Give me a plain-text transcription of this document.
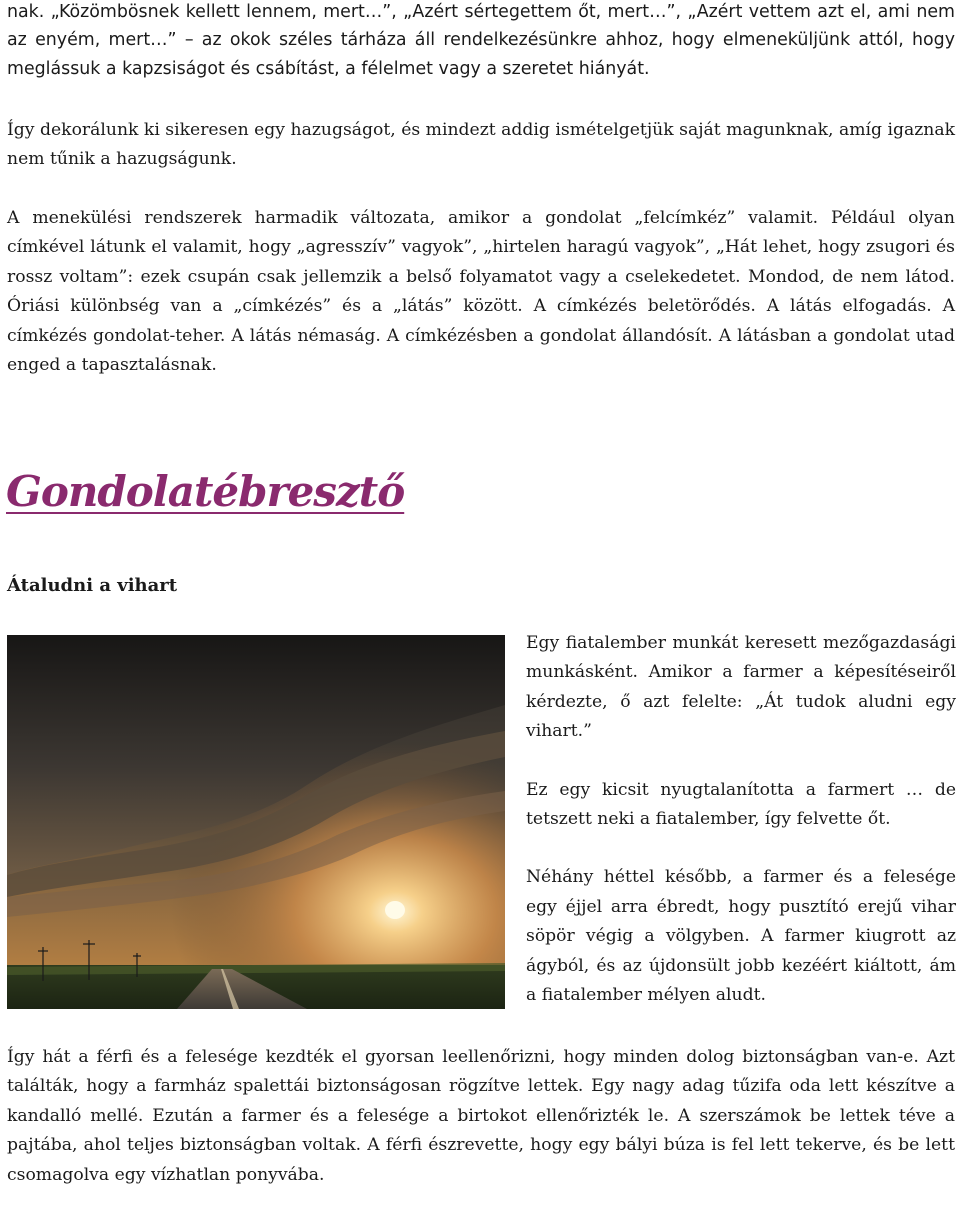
nak. „Közömbösnek kellett lennem, mert…”, „Azért sértegettem őt, mert…”, „Azért vettem azt el, ami nem az enyém, mert…” – az okok széles tárháza áll rendelkezésünkre ahhoz, hogy elmeneküljünk attól, hogy meglássuk a kapzsiságot és csábítást, a félelmet vagy a szeretet hiányát.

Így dekorálunk ki sikeresen egy hazugságot, és mindezt addig ismételgetjük saját magunknak, amíg igaznak nem tűnik a hazugságunk.

A menekülési rendszerek harmadik változata, amikor a gondolat „felcímkéz” valamit. Például olyan címkével látunk el valamit, hogy „agresszív” vagyok”, „hirtelen haragú vagyok”, „Hát lehet, hogy zsugori és rossz voltam”: ezek csupán csak jellemzik a belső folyamatot vagy a cselekedetet. Mondod, de nem látod. Óriási különbség van a „címkézés” és a „látás” között. A címkézés beletörődés. A látás elfogadás. A címkézés gondolat-teher. A látás némaság. A címkézésben a gondolat állandósít. A látásban a gondolat utad enged a tapasztalásnak.

Gondolatébresztő
Átaludni a vihart

Egy fiatalember munkát keresett mezőgazdasági munkásként. Amikor a farmer a képesítéseiről kérdezte, ő azt felelte: „Át tudok aludni egy vihart.”

Ez egy kicsit nyugtalanította a farmert … de tetszett neki a fiatalember, így felvette őt.

Néhány héttel később, a farmer és a felesége egy éjjel arra ébredt, hogy pusztító erejű vihar söpör végig a völgyben. A farmer kiugrott az ágyból, és az újdonsült jobb kezéért kiáltott, ám a fiatalember mélyen aludt.

Így hát a férfi és a felesége kezdték el gyorsan leellenőrizni, hogy minden dolog biztonságban van-e. Azt találták, hogy a farmház spalettái biztonságosan rögzítve lettek. Egy nagy adag tűzifa oda lett készítve a kandalló mellé. Ezután a farmer és a felesége a birtokot ellenőrizték le. A szerszámok be lettek téve a pajtába, ahol teljes biztonságban voltak. A férfi észrevette, hogy egy bályi búza is fel lett tekerve, és be lett csomagolva egy vízhatlan ponyvába.
